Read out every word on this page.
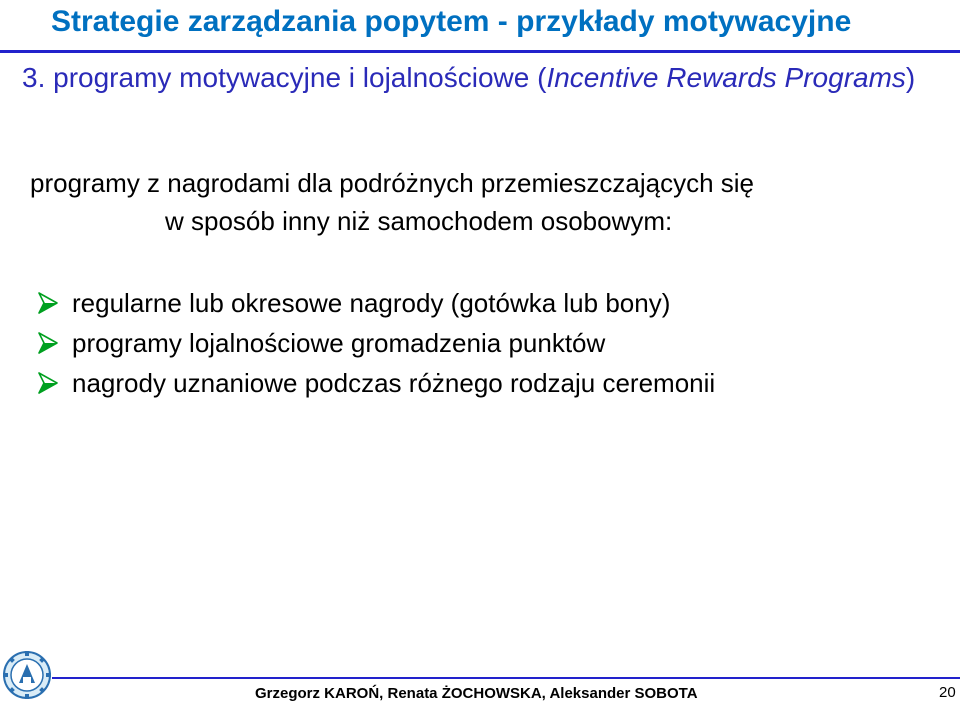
Strategie zarządzania popytem - przykłady motywacyjne
3. programy motywacyjne i lojalnościowe (Incentive Rewards Programs)
programy z nagrodami dla podróżnych przemieszczających się
w sposób inny niż samochodem osobowym:
regularne lub okresowe nagrody (gotówka lub bony)
programy lojalnościowe gromadzenia punktów
nagrody uznaniowe podczas różnego rodzaju ceremonii
Grzegorz KAROŃ, Renata ŻOCHOWSKA, Aleksander SOBOTA	20
